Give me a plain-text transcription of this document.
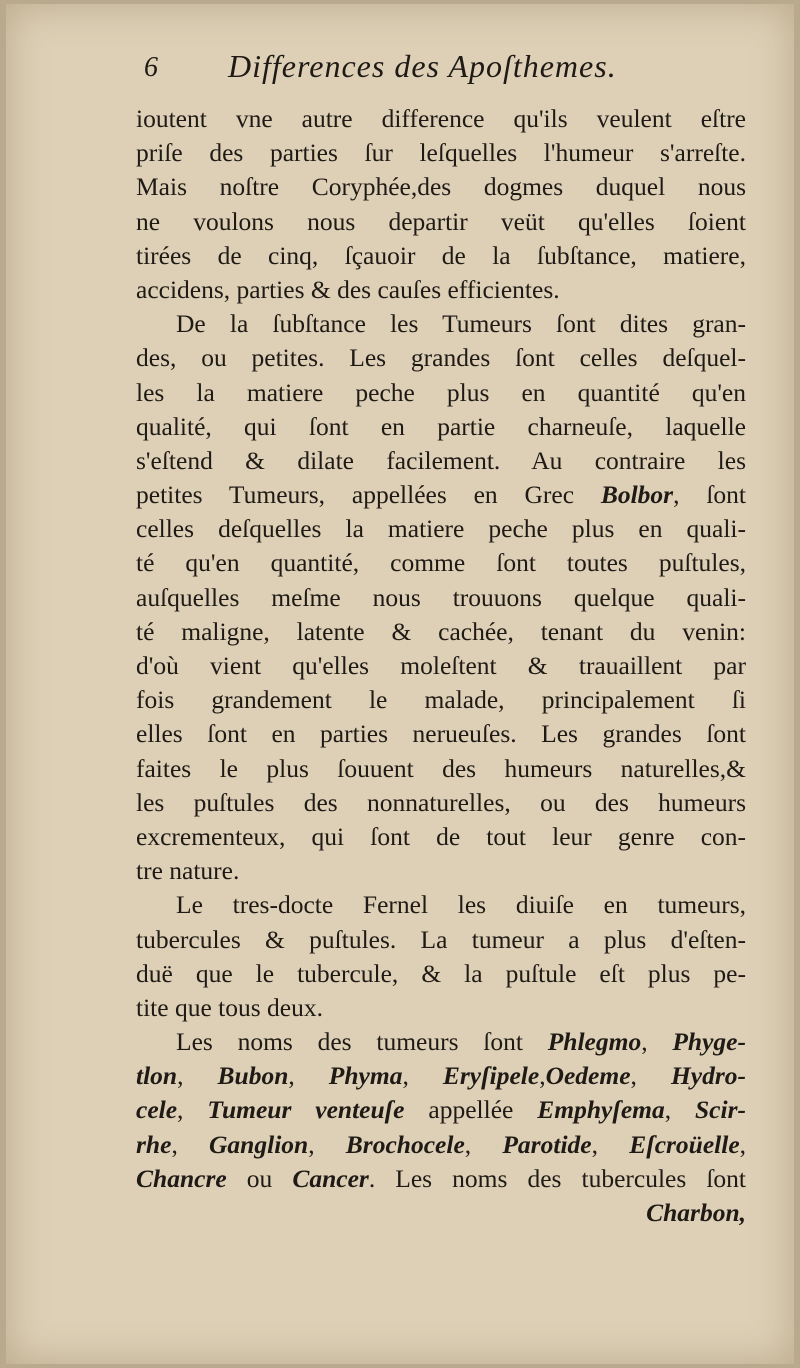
6 Differences des Apoſthemes.
ioutent vne autre difference qu'ils veulent eſtre
priſe des parties ſur leſquelles l'humeur s'arreſte.
Mais noſtre Coryphée,des dogmes duquel nous
ne voulons nous departir veüt qu'elles ſoient
tirées de cinq, ſçauoir de la ſubſtance, matiere,
accidens, parties & des cauſes efficientes.
De la ſubſtance les Tumeurs ſont dites gran-
des, ou petites. Les grandes ſont celles deſquel-
les la matiere peche plus en quantité qu'en
qualité, qui ſont en partie charneuſe, laquelle
s'eſtend & dilate facilement. Au contraire les
petites Tumeurs, appellées en Grec Bolbor, ſont
celles deſquelles la matiere peche plus en quali-
té qu'en quantité, comme ſont toutes puſtules,
auſquelles meſme nous trouuons quelque quali-
té maligne, latente & cachée, tenant du venin:
d'où vient qu'elles moleſtent & trauaillent par
fois grandement le malade, principalement ſi
elles ſont en parties nerueuſes. Les grandes ſont
faites le plus ſouuent des humeurs naturelles,&
les puſtules des nonnaturelles, ou des humeurs
excrementeux, qui ſont de tout leur genre con-
tre nature.
Le tres-docte Fernel les diuiſe en tumeurs,
tubercules & puſtules. La tumeur a plus d'eſten-
duë que le tubercule, & la puſtule eſt plus pe-
tite que tous deux.
Les noms des tumeurs ſont Phlegmo, Phyge-
tlon, Bubon, Phyma, Eryſipele,Oedeme, Hydro-
cele, Tumeur venteuſe appellée Emphyſema, Scir-
rhe, Ganglion, Brochocele, Parotide, Eſcroüelle,
Chancre ou Cancer. Les noms des tubercules ſont
Charbon,
